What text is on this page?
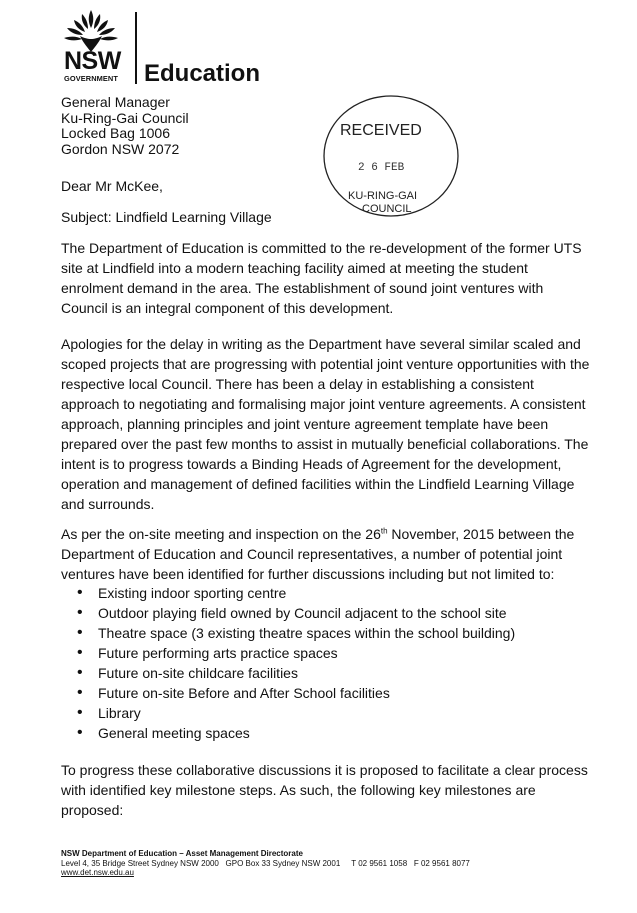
NSW
GOVERNMENT Education
General Manager
Ku-Ring-Gai Council
Locked Bag 1006
Gordon NSW 2072
RECEIVED
2 6 FEB
KU-RING-GAI
COUNCIL
Dear Mr McKee,
Subject: Lindfield Learning Village
The Department of Education is committed to the re-development of the former UTS site at Lindfield into a modern teaching facility aimed at meeting the student enrolment demand in the area. The establishment of sound joint ventures with Council is an integral component of this development.
Apologies for the delay in writing as the Department have several similar scaled and scoped projects that are progressing with potential joint venture opportunities with the respective local Council. There has been a delay in establishing a consistent approach to negotiating and formalising major joint venture agreements. A consistent approach, planning principles and joint venture agreement template have been prepared over the past few months to assist in mutually beneficial collaborations. The intent is to progress towards a Binding Heads of Agreement for the development, operation and management of defined facilities within the Lindfield Learning Village and surrounds.
As per the on-site meeting and inspection on the 26th November, 2015 between the Department of Education and Council representatives, a number of potential joint ventures have been identified for further discussions including but not limited to:
• Existing indoor sporting centre
• Outdoor playing field owned by Council adjacent to the school site
• Theatre space (3 existing theatre spaces within the school building)
• Future performing arts practice spaces
• Future on-site childcare facilities
• Future on-site Before and After School facilities
• Library
• General meeting spaces
To progress these collaborative discussions it is proposed to facilitate a clear process with identified key milestone steps. As such, the following key milestones are proposed:
NSW Department of Education – Asset Management Directorate
Level 4, 35 Bridge Street Sydney NSW 2000 GPO Box 33 Sydney NSW 2001 T 02 9561 1058 F 02 9561 8077
www.det.nsw.edu.au
